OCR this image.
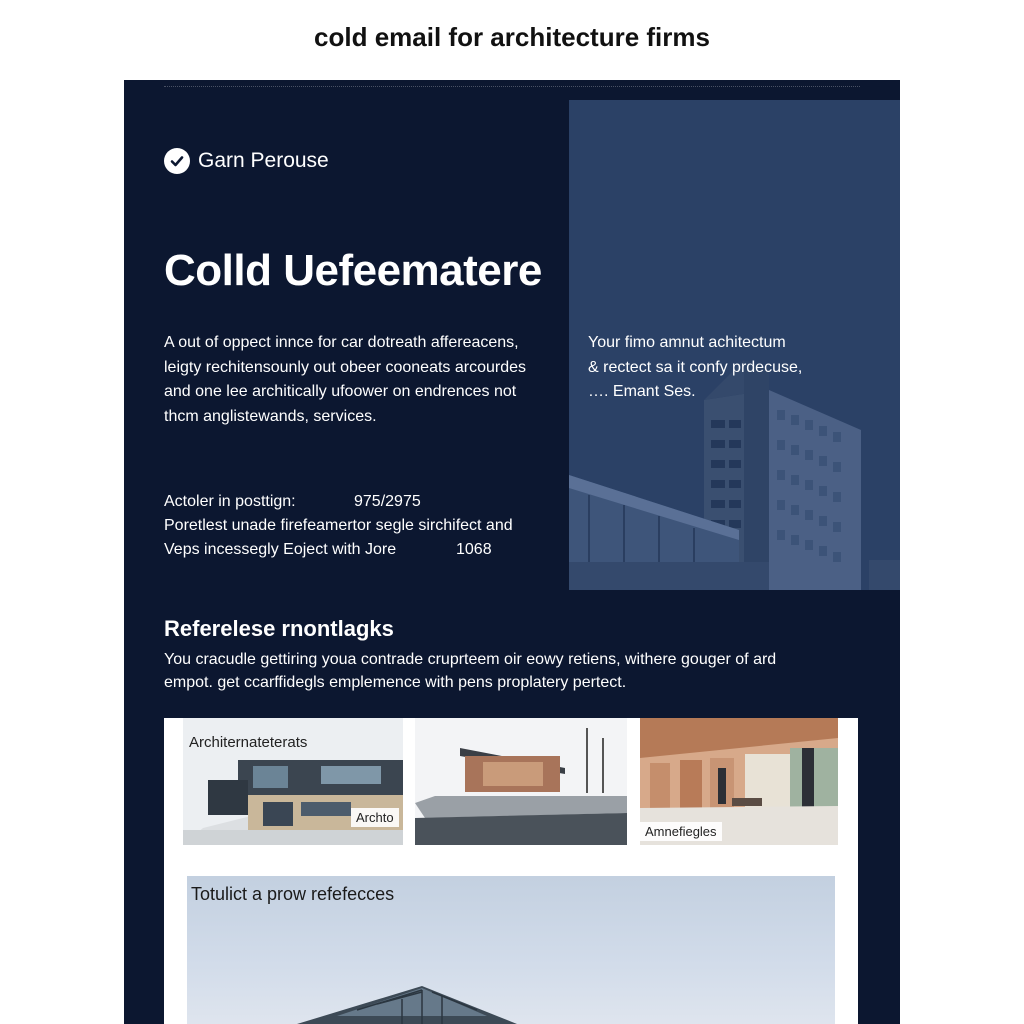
cold email for architecture firms
Garn Perouse
Colld Uefeematere
A out of oppect innce for car dotreath affereacens,
leigty rechitensounly out obeer cooneats arcourdes
and one lee architically ufoower on endrences not
thcm anglistewands, services.
Your fimo amnut achitectum
& rectect sa it confy prdecuse,
…. Emant Ses.
Actoler in posttign:	975/2975
Poretlest unade firefeamertor segle sirchifect and
Veps incessegly Eoject with Jore	1068
Referelese rnontlagks
You cracudle gettiring youa contrade cruprteem oir eowy retiens, withere gouger of ard
empot. get ccarffidegls emplemence with pens proplatery pertect.
Architernateterats
Archto
Amnefiegles
Totulict a prow refefecces
